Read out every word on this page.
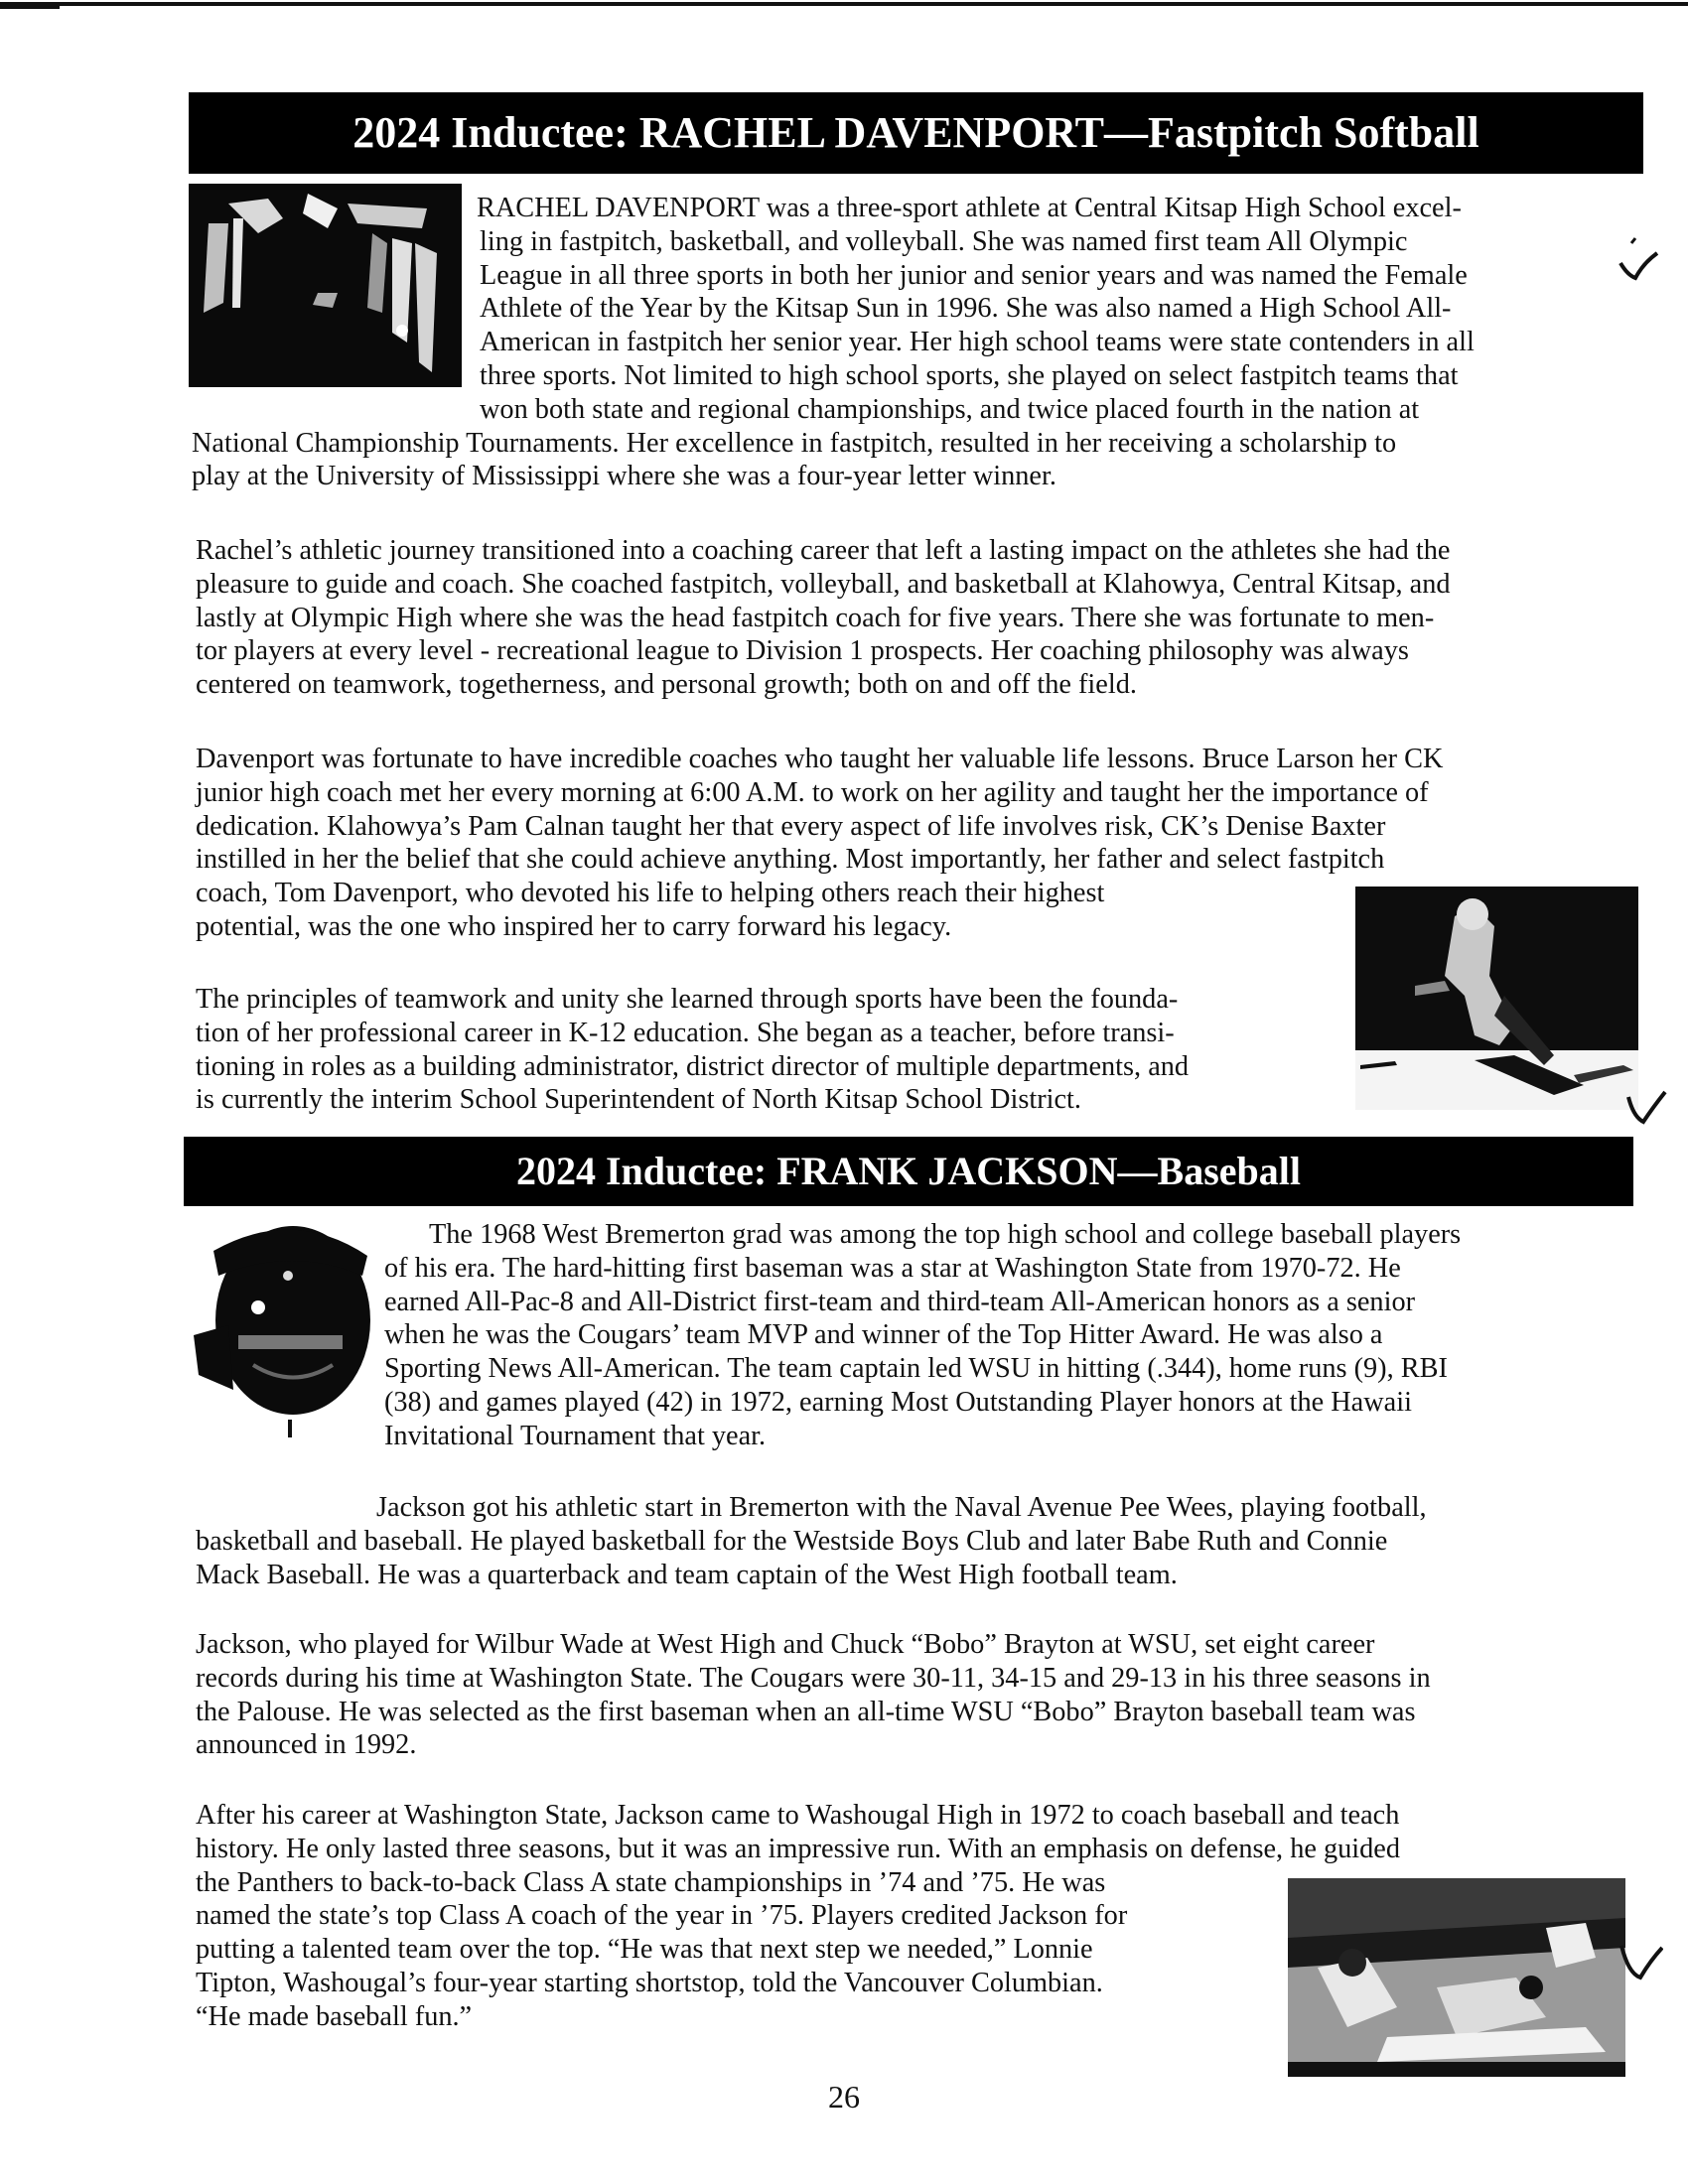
2024 Inductee: RACHEL DAVENPORT—Fastpitch Softball

RACHEL DAVENPORT was a three-sport athlete at Central Kitsap High School excel-

ling in fastpitch, basketball, and volleyball. She was named first team All Olympic

League in all three sports in both her junior and senior years and was named the Female

Athlete of the Year by the Kitsap Sun in 1996. She was also named a High School All-

American in fastpitch her senior year. Her high school teams were state contenders in all

three sports. Not limited to high school sports, she played on select fastpitch teams that

won both state and regional championships, and twice placed fourth in the nation at

National Championship Tournaments. Her excellence in fastpitch, resulted in her receiving a scholarship to

play at the University of Mississippi where she was a four-year letter winner.

Rachel’s athletic journey transitioned into a coaching career that left a lasting impact on the athletes she had the

pleasure to guide and coach. She coached fastpitch, volleyball, and basketball at Klahowya, Central Kitsap, and

lastly at Olympic High where she was the head fastpitch coach for five years. There she was fortunate to men-

tor players at every level - recreational league to Division 1 prospects. Her coaching philosophy was always

centered on teamwork, togetherness, and personal growth; both on and off the field.

Davenport was fortunate to have incredible coaches who taught her valuable life lessons. Bruce Larson her CK

junior high coach met her every morning at 6:00 A.M. to work on her agility and taught her the importance of

dedication. Klahowya’s Pam Calnan taught her that every aspect of life involves risk, CK’s Denise Baxter

instilled in her the belief that she could achieve anything. Most importantly, her father and select fastpitch

coach, Tom Davenport, who devoted his life to helping others reach their highest

potential, was the one who inspired her to carry forward his legacy.

The principles of teamwork and unity she learned through sports have been the founda-

tion of her professional career in K-12 education. She began as a teacher, before transi-

tioning in roles as a building administrator, district director of multiple departments, and

is currently the interim School Superintendent of North Kitsap School District.

2024 Inductee: FRANK JACKSON—Baseball

The 1968 West Bremerton grad was among the top high school and college baseball players

of his era. The hard-hitting first baseman was a star at Washington State from 1970-72. He

earned All-Pac-8 and All-District first-team and third-team All-American honors as a senior

when he was the Cougars’ team MVP and winner of the Top Hitter Award. He was also a

Sporting News All-American. The team captain led WSU in hitting (.344), home runs (9), RBI

(38) and games played (42) in 1972, earning Most Outstanding Player honors at the Hawaii

Invitational Tournament that year.

Jackson got his athletic start in Bremerton with the Naval Avenue Pee Wees, playing football,

basketball and baseball. He played basketball for the Westside Boys Club and later Babe Ruth and Connie

Mack Baseball. He was a quarterback and team captain of the West High football team.

Jackson, who played for Wilbur Wade at West High and Chuck “Bobo” Brayton at WSU, set eight career

records during his time at Washington State. The Cougars were 30-11, 34-15 and 29-13 in his three seasons in

the Palouse. He was selected as the first baseman when an all-time WSU “Bobo” Brayton baseball team was

announced in 1992.

After his career at Washington State, Jackson came to Washougal High in 1972 to coach baseball and teach

history. He only lasted three seasons, but it was an impressive run. With an emphasis on defense, he guided

the Panthers to back-to-back Class A state championships in ’74 and ’75. He was

named the state’s top Class A coach of the year in ’75. Players credited Jackson for

putting a talented team over the top. “He was that next step we needed,” Lonnie

Tipton, Washougal’s four-year starting shortstop, told the Vancouver Columbian.

“He made baseball fun.”

26
